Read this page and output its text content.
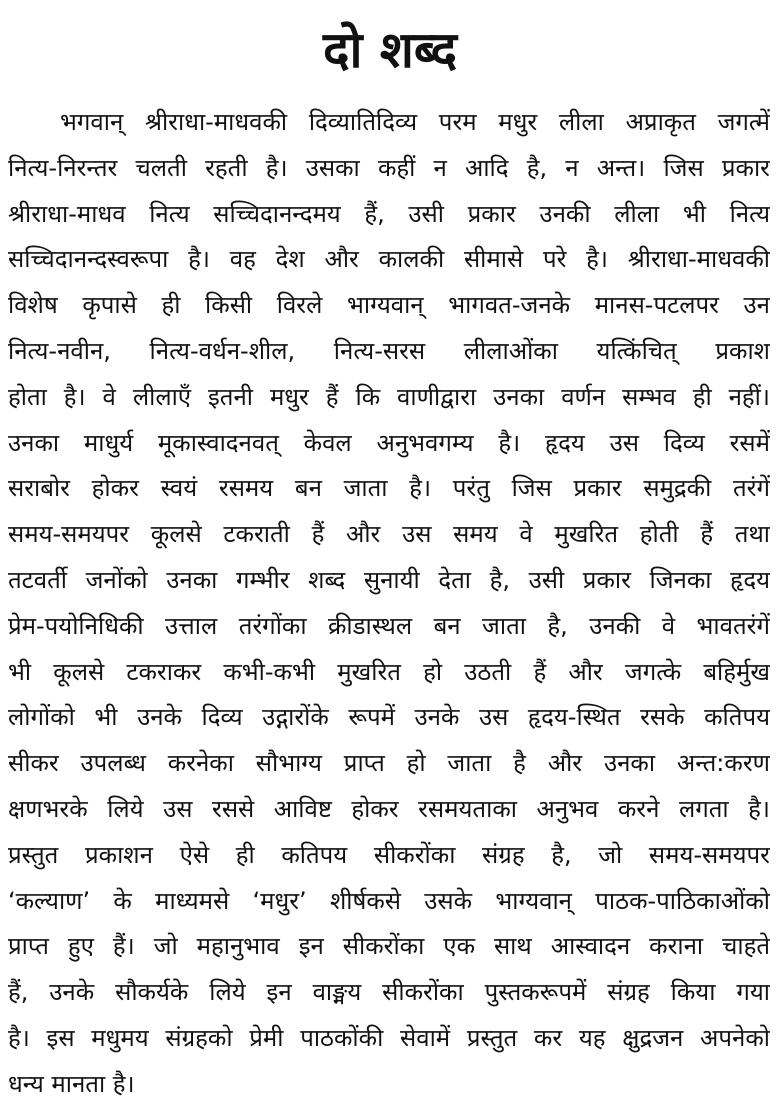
दो शब्द
भगवान् श्रीराधा-माधवकी दिव्यातिदिव्य परम मधुर लीला अप्राकृत जगत्में
नित्य-निरन्तर चलती रहती है। उसका कहीं न आदि है, न अन्त। जिस प्रकार
श्रीराधा-माधव नित्य सच्चिदानन्दमय हैं, उसी प्रकार उनकी लीला भी नित्य
सच्चिदानन्दस्वरूपा है। वह देश और कालकी सीमासे परे है। श्रीराधा-माधवकी
विशेष कृपासे ही किसी विरले भाग्यवान् भागवत-जनके मानस-पटलपर उन
नित्य-नवीन, नित्य-वर्धन-शील, नित्य-सरस लीलाओंका यत्किंचित् प्रकाश
होता है। वे लीलाएँ इतनी मधुर हैं कि वाणीद्वारा उनका वर्णन सम्भव ही नहीं।
उनका माधुर्य मूकास्वादनवत् केवल अनुभवगम्य है। हृदय उस दिव्य रसमें
सराबोर होकर स्वयं रसमय बन जाता है। परंतु जिस प्रकार समुद्रकी तरंगें
समय-समयपर कूलसे टकराती हैं और उस समय वे मुखरित होती हैं तथा
तटवर्ती जनोंको उनका गम्भीर शब्द सुनायी देता है, उसी प्रकार जिनका हृदय
प्रेम-पयोनिधिकी उत्ताल तरंगोंका क्रीडास्थल बन जाता है, उनकी वे भावतरंगें
भी कूलसे टकराकर कभी-कभी मुखरित हो उठती हैं और जगत्के बहिर्मुख
लोगोंको भी उनके दिव्य उद्गारोंके रूपमें उनके उस हृदय-स्थित रसके कतिपय
सीकर उपलब्ध करनेका सौभाग्य प्राप्त हो जाता है और उनका अन्त:करण
क्षणभरके लिये उस रससे आविष्ट होकर रसमयताका अनुभव करने लगता है।
प्रस्तुत प्रकाशन ऐसे ही कतिपय सीकरोंका संग्रह है, जो समय-समयपर
‘कल्याण’ के माध्यमसे ‘मधुर’ शीर्षकसे उसके भाग्यवान् पाठक-पाठिकाओंको
प्राप्त हुए हैं। जो महानुभाव इन सीकरोंका एक साथ आस्वादन कराना चाहते
हैं, उनके सौकर्यके लिये इन वाङ्मय सीकरोंका पुस्तकरूपमें संग्रह किया गया
है। इस मधुमय संग्रहको प्रेमी पाठकोंकी सेवामें प्रस्तुत कर यह क्षुद्रजन अपनेको
धन्य मानता है।
